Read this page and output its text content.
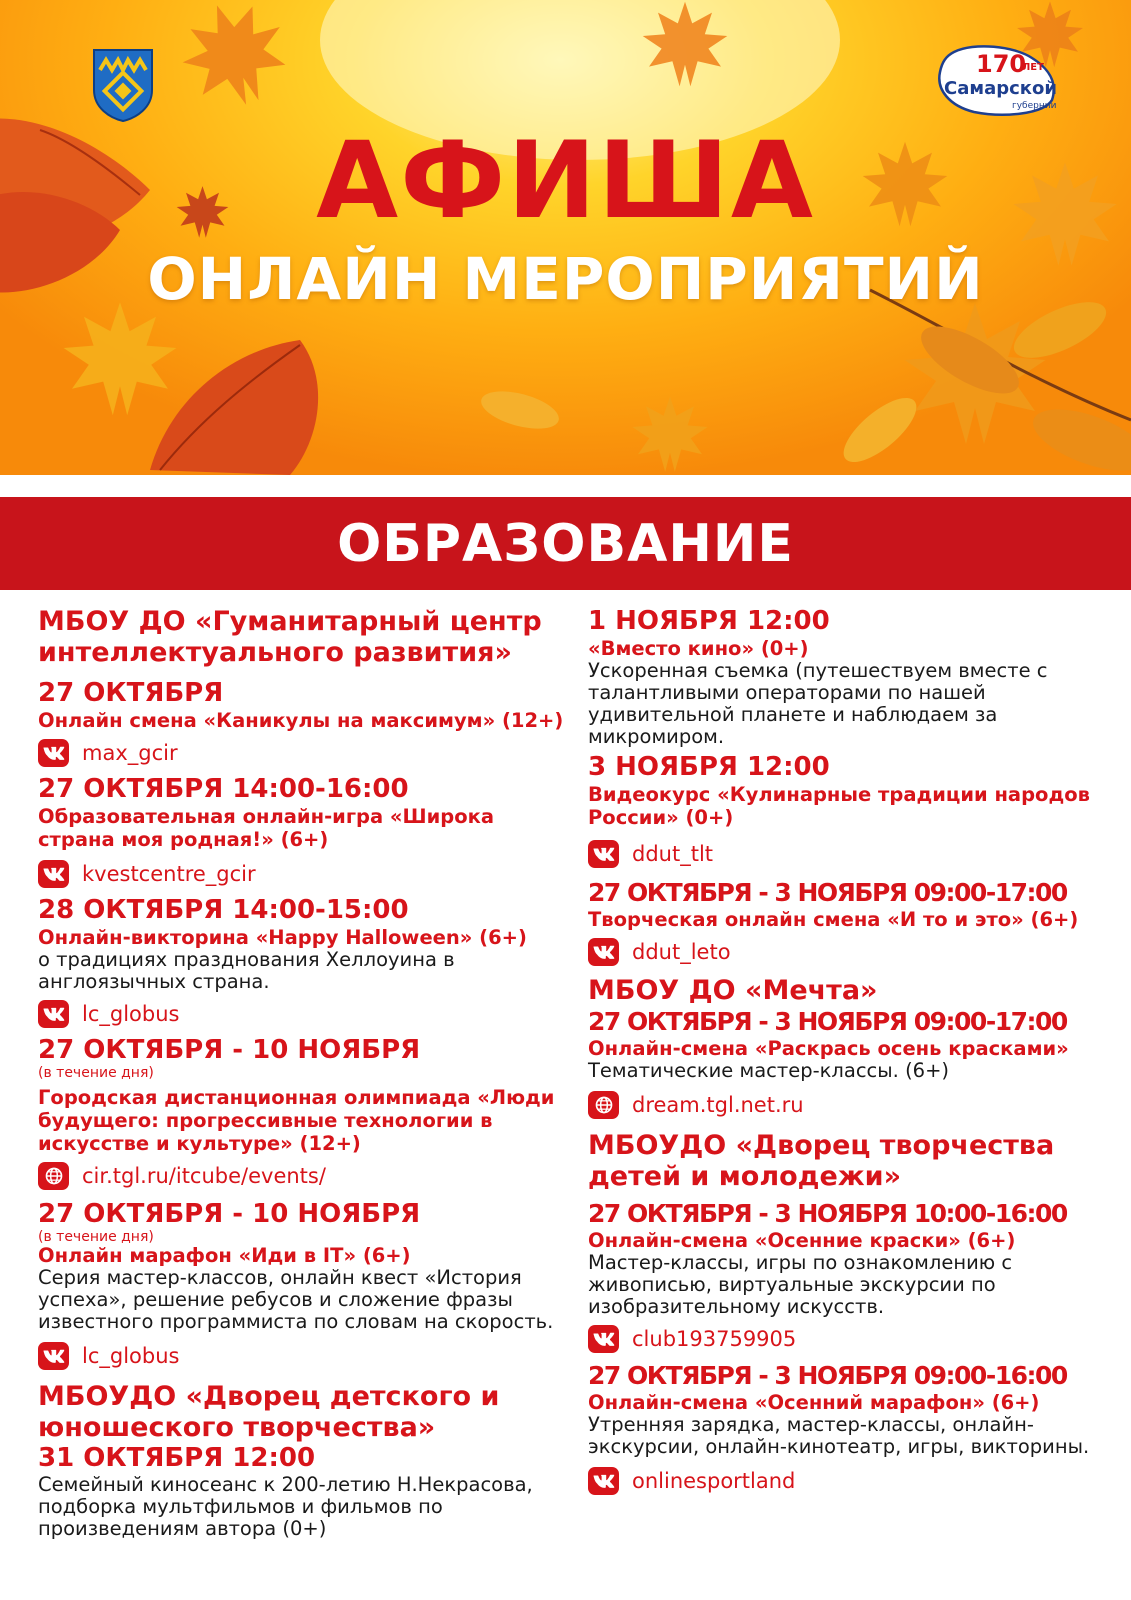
170
ЛЕТ
Самарской
губернии
АФИША
ОНЛАЙН МЕРОПРИЯТИЙ
ОБРАЗОВАНИЕ
МБОУ ДО «Гуманитарный центр интеллектуального развития»
27 ОКТЯБРЯ
Онлайн смена «Каникулы на максимум» (12+)
max_gcir
27 ОКТЯБРЯ 14:00-16:00
Образовательная онлайн-игра «Широка страна моя родная!» (6+)
kvestcentre_gcir
28 ОКТЯБРЯ 14:00-15:00
Онлайн-викторина «Happy Halloween» (6+)
о традициях празднования Хеллоуина в англоязычных страна.
lc_globus
27 ОКТЯБРЯ - 10 НОЯБРЯ
(в течение дня)
Городская дистанционная олимпиада «Люди будущего: прогрессивные технологии в искусстве и культуре» (12+)
cir.tgl.ru/itcube/events/
27 ОКТЯБРЯ - 10 НОЯБРЯ
(в течение дня)
Онлайн марафон «Иди в IT» (6+)
Серия мастер-классов, онлайн квест «История успеха», решение ребусов и сложение фразы известного программиста по словам на скорость.
lc_globus
МБОУДО «Дворец детского и юношеского творчества»
31 ОКТЯБРЯ 12:00
Семейный киносеанс к 200-летию Н.Некрасова, подборка мультфильмов и фильмов по произведениям автора (0+)
1 НОЯБРЯ 12:00
«Вместо кино» (0+)
Ускоренная съемка (путешествуем вместе с талантливыми операторами по нашей удивительной планете и наблюдаем за микромиром.
3 НОЯБРЯ 12:00
Видеокурс «Кулинарные традиции народов России» (0+)
ddut_tlt
27 ОКТЯБРЯ - 3 НОЯБРЯ 09:00-17:00
Творческая онлайн смена «И то и это» (6+)
ddut_leto
МБОУ ДО «Мечта»
27 ОКТЯБРЯ - 3 НОЯБРЯ 09:00-17:00
Онлайн-смена «Раскрась осень красками»
Тематические мастер-классы. (6+)
dream.tgl.net.ru
МБОУДО «Дворец творчества детей и молодежи»
27 ОКТЯБРЯ - 3 НОЯБРЯ 10:00-16:00
Онлайн-смена «Осенние краски» (6+)
Мастер-классы, игры по ознакомлению с живописью, виртуальные экскурсии по изобразительному искусств.
club193759905
27 ОКТЯБРЯ - 3 НОЯБРЯ 09:00-16:00
Онлайн-смена «Осенний марафон» (6+)
Утренняя зарядка, мастер-классы, онлайн-экскурсии, онлайн-кинотеатр, игры, викторины.
onlinesportland
